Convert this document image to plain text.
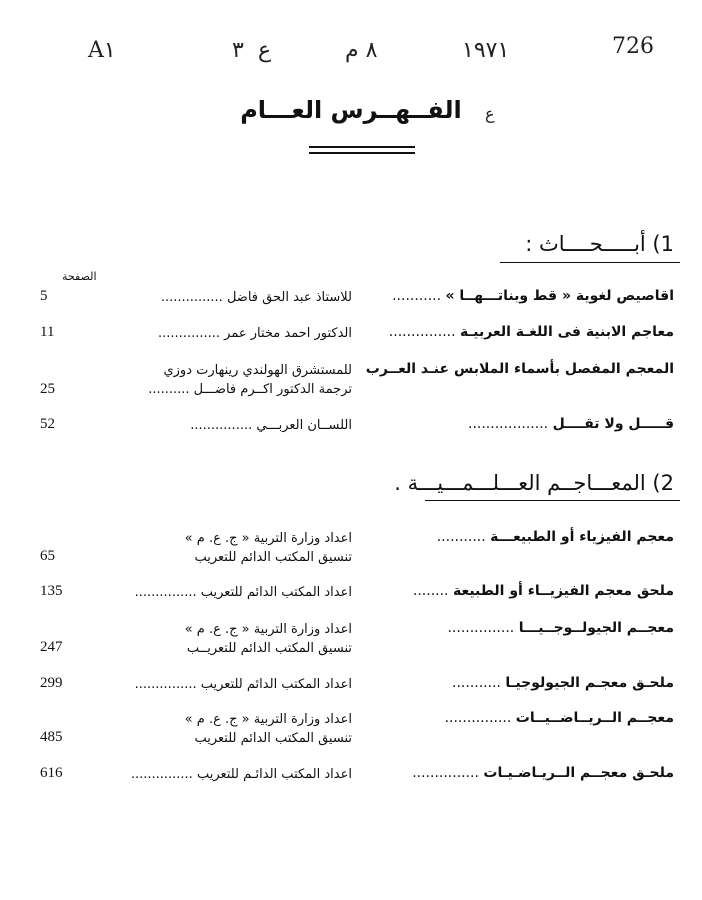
A١	٣ ع	٨ م	١٩٧١	726
الفــهــرس العـــام	ع
1) أبـــــحــــاث :
الصفحة
اقاصيص لغوية « قط وبناتـــهــا » ...........
للاستاذ عبد الحق فاضل ...............
5
معاجم الابنية فى اللغـة العربيـة ...............
الدكتور احمد مختار عمر ...............
11
المعجم المفصل بأسماء الملابس عنـد العــرب
للمستشرق الهولندي رينهارت دوزي
ترجمة الدكتور اكــرم فاضـــل ..........
25
قـــــل ولا تقــــل ..................
اللســان العربـــي ...............
52
2) المعـــاجــم العـــلـــمـــيـــة .
معجم الفيزياء أو الطبيعـــة ...........
اعداد وزارة التربية « ج. ع. م »
تنسيق المكتب الدائم للتعريب
65
ملحق معجم الفيزيــاء أو الطبيعة ........
اعداد المكتب الدائم للتعريب ...............
135
معجــم الجيولــوجــيـــا ...............
اعداد وزارة التربية « ج. ع. م »
تنسيق المكتب الدائم للتعريــب
247
ملحـق معجـم الجيولوجيـا ...........
اعداد المكتب الدائم للتعريب ...............
299
معجــم الــريــاضــيــات ...............
اعداد وزارة التربية « ج. ع. م »
تنسيق المكتب الدائم للتعريب
485
ملحـق معجــم الــريـاضـيـات ...............
اعداد المكتب الدائـم للتعريب ...............
616
